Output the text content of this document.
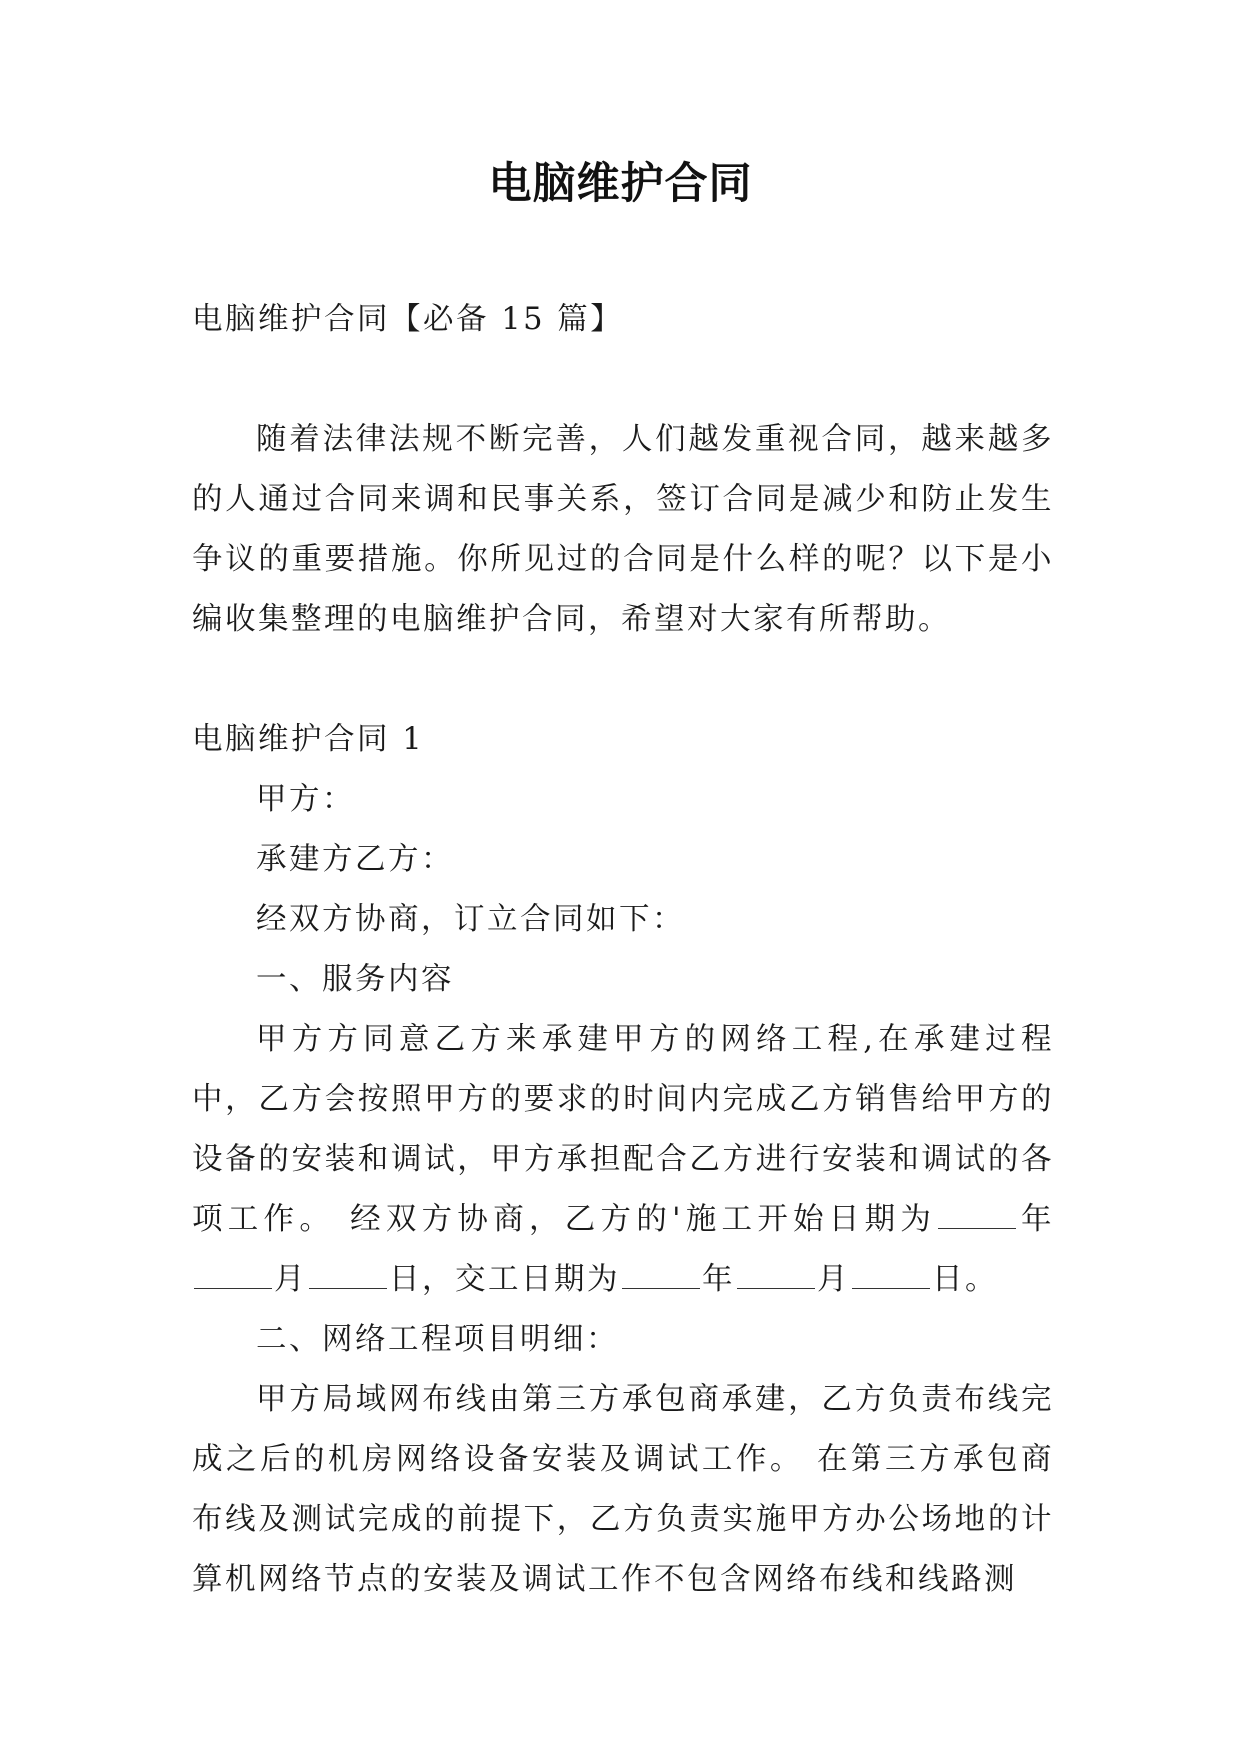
电脑维护合同

电脑维护合同【必备 15 篇】

随着法律法规不断完善，人们越发重视合同，越来越多的人通过合同来调和民事关系，签订合同是减少和防止发生争议的重要措施。你所见过的合同是什么样的呢？以下是小编收集整理的电脑维护合同，希望对大家有所帮助。

电脑维护合同 1

甲方：

承建方乙方：

经双方协商，订立合同如下：

一、服务内容

甲方方同意乙方来承建甲方的网络工程,在承建过程中，乙方会按照甲方的要求的时间内完成乙方销售给甲方的设备的安装和调试，甲方承担配合乙方进行安装和调试的各项工作。 经双方协商，乙方的'施工开始日期为	年月	日，交工日期为	年	月	日。

二、网络工程项目明细：

甲方局域网布线由第三方承包商承建，乙方负责布线完成之后的机房网络设备安装及调试工作。 在第三方承包商布线及测试完成的前提下，乙方负责实施甲方办公场地的计算机网络节点的安装及调试工作不包含网络布线和线路测
